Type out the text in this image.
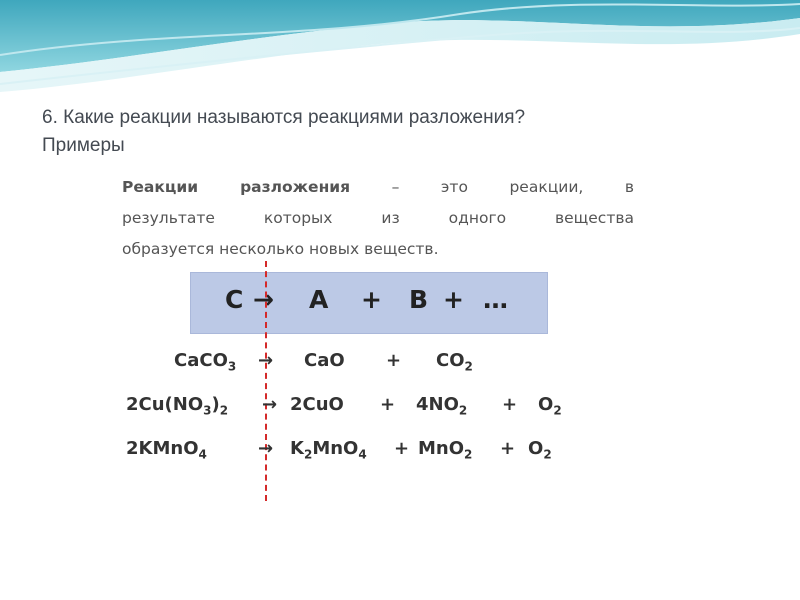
6. Какие реакции называются реакциями разложения?
Примеры
Реакции разложения – это реакции, в
результате которых из одного вещества
образуется несколько новых веществ.
C → A + B + …
CaCO$_3$ → CaO + $CO_2$
$2Cu(NO_3)_2 \to 2CuO + 4NO_2 + O_2$
2KMnO$_4$	→ $K_2MnO_4 + MnO_2 + O_2$
